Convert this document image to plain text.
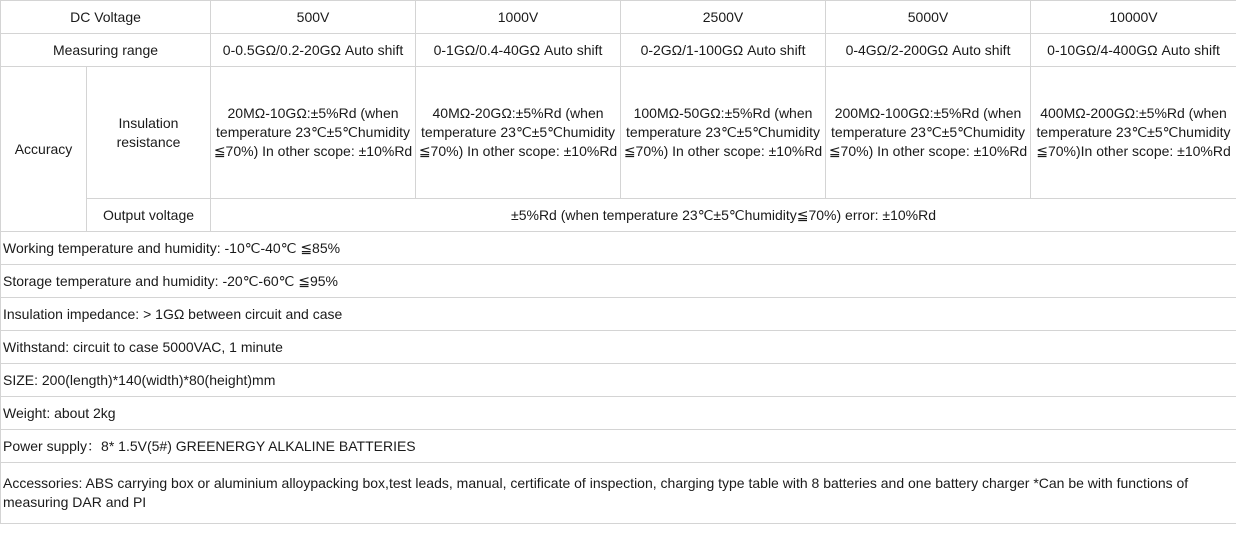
DC Voltage		500V	1000V	2500V	5000V	10000V
Measuring range		0-0.5GΩ/0.2-20GΩ Auto shift	0-1GΩ/0.4-40GΩ Auto shift	0-2GΩ/1-100GΩ Auto shift	0-4GΩ/2-200GΩ Auto shift	0-10GΩ/4-400GΩ Auto shift
Accuracy	Insulation resistance	20MΩ-10GΩ:±5%Rd (when temperature 23℃±5℃humidity ≦70%) In other scope: ±10%Rd	40MΩ-20GΩ:±5%Rd (when temperature 23℃±5℃humidity ≦70%) In other scope: ±10%Rd	100MΩ-50GΩ:±5%Rd (when temperature 23℃±5℃humidity ≦70%) In other scope: ±10%Rd	200MΩ-100GΩ:±5%Rd (when temperature 23℃±5℃humidity ≦70%) In other scope: ±10%Rd	400MΩ-200GΩ:±5%Rd (when temperature 23℃±5℃humidity ≦70%)In other scope: ±10%Rd
	Output voltage	±5%Rd (when temperature 23℃±5℃humidity≦70%) error: ±10%Rd				
Working temperature and humidity: -10℃-40℃ ≦85%						
Storage temperature and humidity: -20℃-60℃ ≦95%						
Insulation impedance: > 1GΩ between circuit and case						
Withstand: circuit to case 5000VAC, 1 minute						
SIZE: 200(length)*140(width)*80(height)mm						
Weight: about 2kg						
Power supply：8* 1.5V(5#) GREENERGY ALKALINE BATTERIES						
Accessories: ABS carrying box or aluminium alloypacking box,test leads, manual, certificate of inspection, charging type table with 8 batteries and one battery charger *Can be with functions of measuring DAR and PI						
